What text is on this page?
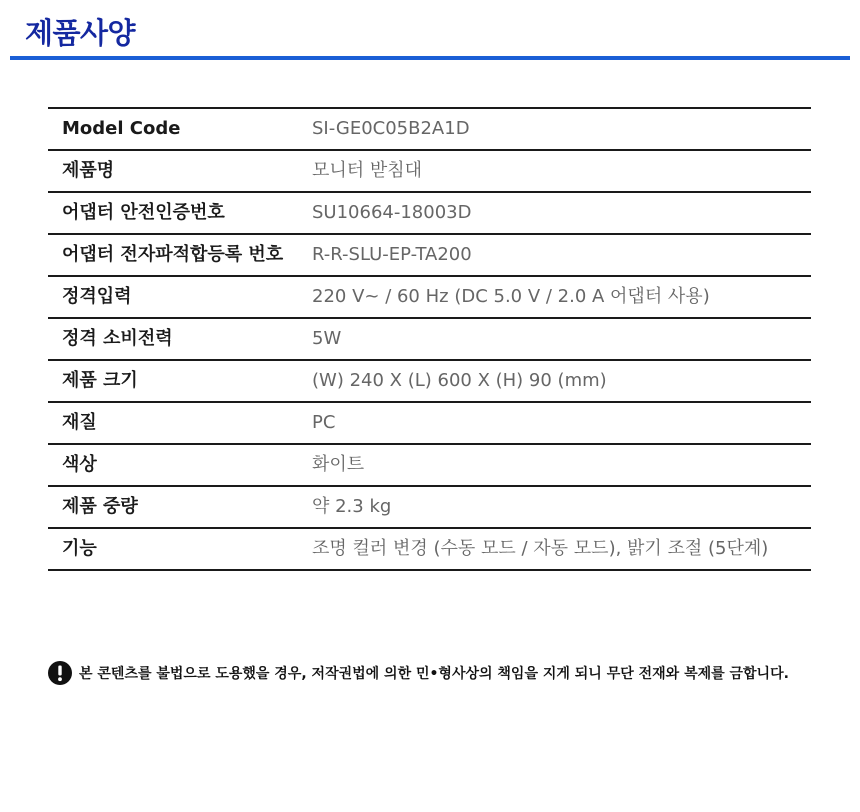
제품사양
Model Code	SI-GE0C05B2A1D
제품명	모니터 받침대
어댑터 안전인증번호	SU10664-18003D
어댑터 전자파적합등록 번호	R-R-SLU-EP-TA200
정격입력	220 V~ / 60 Hz (DC 5.0 V / 2.0 A 어댑터 사용)
정격 소비전력	5W
제품 크기	(W) 240 X (L) 600 X (H) 90 (mm)
재질	PC
색상	화이트
제품 중량	약 2.3 kg
기능	조명 컬러 변경 (수동 모드 / 자동 모드), 밝기 조절 (5단계)
본 콘텐츠를 불법으로 도용했을 경우, 저작권법에 의한 민•형사상의 책임을 지게 되니 무단 전재와 복제를 금합니다.
